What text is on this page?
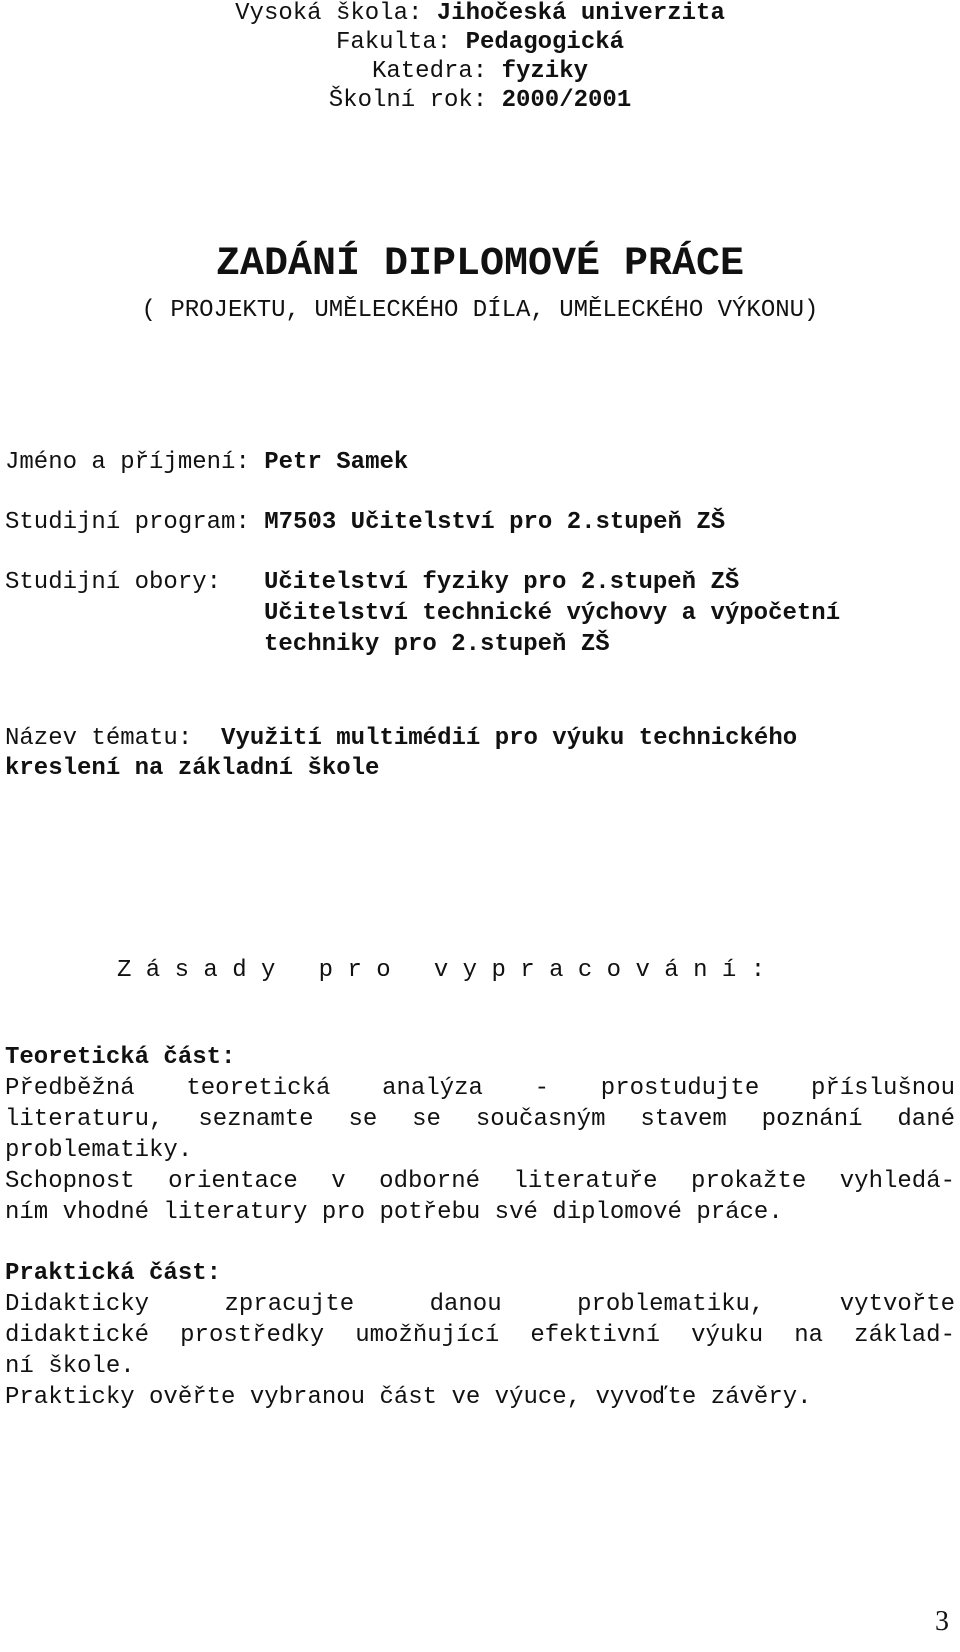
Vysoká škola: Jihočeská univerzita
Fakulta: Pedagogická
Katedra: fyziky
Školní rok: 2000/2001
ZADÁNÍ DIPLOMOVÉ PRÁCE
( PROJEKTU, UMĚLECKÉHO DÍLA, UMĚLECKÉHO VÝKONU)
Jméno a příjmení: Petr Samek
Studijní program: M7503 Učitelství pro 2.stupeň ZŠ
Studijní obory: Učitelství fyziky pro 2.stupeň ZŠ
Učitelství technické výchovy a výpočetní
techniky pro 2.stupeň ZŠ
Název tématu:  Využití multimédií pro výuku technického
kreslení na základní škole
Z á s a d y   p r o   v y p r a c o v á n í :
Teoretická část:
Předběžná teoretická analýza - prostudujte příslušnou
literaturu, seznamte se se současným stavem poznání dané
problematiky.
Schopnost orientace v odborné literatuře prokažte vyhledá-
ním vhodné literatury pro potřebu své diplomové práce.
Praktická část:
Didakticky zpracujte danou problematiku, vytvořte
didaktické prostředky umožňující efektivní výuku na základ-
ní škole.
Prakticky ověřte vybranou část ve výuce, vyvoďte závěry.
3
